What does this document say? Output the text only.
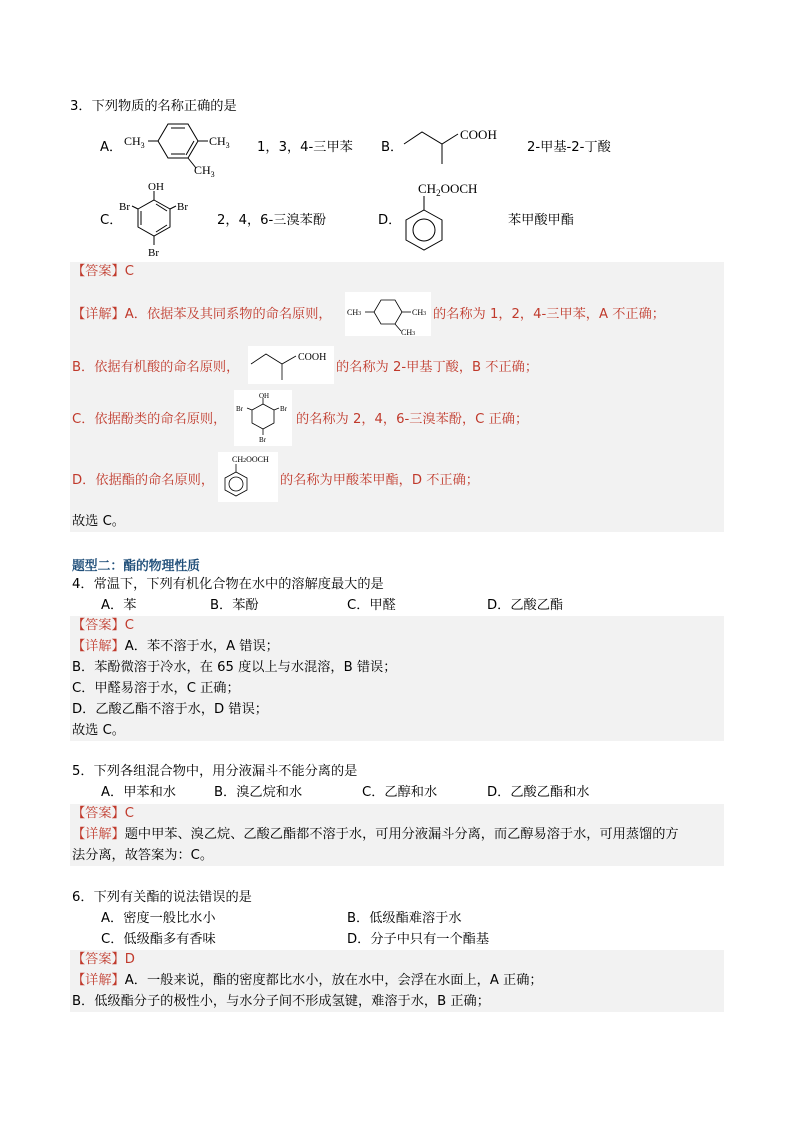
3．下列物质的名称正确的是
A． $CH_3$	$CH_3$
$CH_3$
1，3，4-三甲苯 B．
COOH
2-甲基-2-丁酸
C．
OH
Br	Br
Br
2，4，6-三溴苯酚	D．
$CH_2OOCH$
苯甲酸甲酯
【答案】C
【详解】A．依据苯及其同系物的命名原则， CH3	CH3
CH3
的名称为 1，2，4-三甲苯，A 不正确；
B．依据有机酸的命名原则，
COOH
的名称为 2-甲基丁酸，B 不正确；
C．依据酚类的命名原则，
OH
Br	Br
Br
的名称为 2，4，6-三溴苯酚，C 正确；
D．依据酯的命名原则，
CH2OOCH
的名称为甲酸苯甲酯，D 不正确；
故选 C。
题型二：酯的物理性质
4．常温下，下列有机化合物在水中的溶解度最大的是
A．苯	B．苯酚	C．甲醛	D．乙酸乙酯
【答案】C
【详解】A．苯不溶于水，A 错误；
B．苯酚微溶于冷水，在 65 度以上与水混溶，B 错误；
C．甲醛易溶于水，C 正确；
D．乙酸乙酯不溶于水，D 错误；
故选 C。
5．下列各组混合物中，用分液漏斗不能分离的是
A．甲苯和水	B．溴乙烷和水	C．乙醇和水	D．乙酸乙酯和水
【答案】C
【详解】题中甲苯、溴乙烷、乙酸乙酯都不溶于水，可用分液漏斗分离，而乙醇易溶于水，可用蒸馏的方
法分离，故答案为：C。
6．下列有关酯的说法错误的是
A．密度一般比水小	B．低级酯难溶于水
C．低级酯多有香味	D．分子中只有一个酯基
【答案】D
【详解】A．一般来说，酯的密度都比水小，放在水中，会浮在水面上，A 正确；
B．低级酯分子的极性小，与水分子间不形成氢键，难溶于水，B 正确；
